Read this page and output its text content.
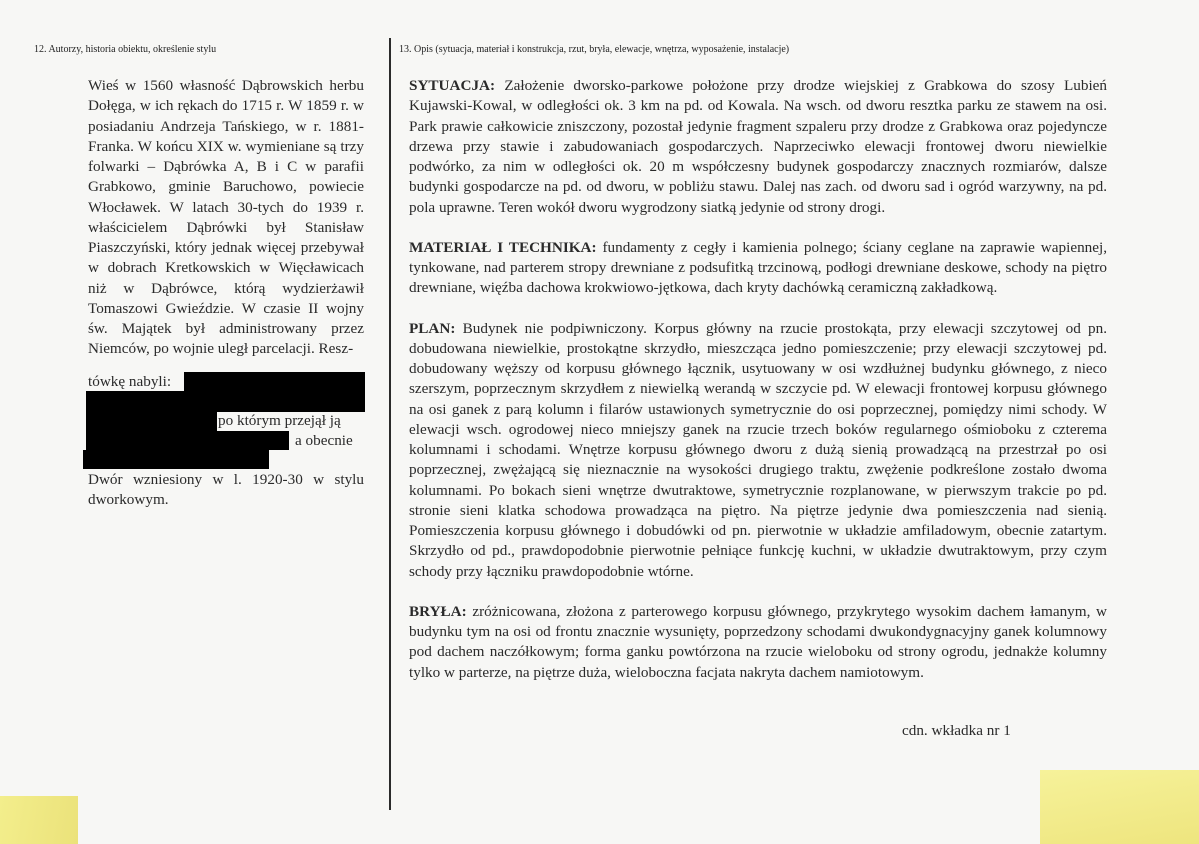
12. Autorzy, historia obiektu, określenie stylu	13. Opis (sytuacja, materiał i konstrukcja, rzut, bryła, elewacje, wnętrza, wyposażenie, instalacje)

Wieś w 1560 własność Dąbrowskich herbu Dołęga, w ich rękach do 1715 r. W 1859 r. w posiadaniu Andrzeja Tańskiego, w r. 1881- Franka. W końcu XIX w. wymieniane są trzy folwarki – Dąbrówka A, B i C w parafii Grabkowo, gminie Baruchowo, powiecie Włocławek. W latach 30-tych do 1939 r. właścicielem Dąbrówki był Stanisław Piaszczyński, który jednak więcej przebywał w dobrach Kretkowskich w Więcławicach niż w Dąbrówce, którą wydzierżawił Tomaszowi Gwieździe. W czasie II wojny św. Majątek był administrowany przez Niemców, po wojnie uległ parcelacji. Resz-

tówkę nabyli:
po którym przejął ją
a obecnie

Dwór wzniesiony w l. 1920-30 w stylu dworkowym.

SYTUACJA: Założenie dworsko-parkowe położone przy drodze wiejskiej z Grabkowa do szosy Lubień Kujawski-Kowal, w odległości ok. 3 km na pd. od Kowala. Na wsch. od dworu resztka parku ze stawem na osi. Park prawie całkowicie zniszczony, pozostał jedynie fragment szpaleru przy drodze z Grabkowa oraz pojedyncze drzewa przy stawie i zabudowaniach gospodarczych. Naprzeciwko elewacji frontowej dworu niewielkie podwórko, za nim w odległości ok. 20 m współczesny budynek gospodarczy znacznych rozmiarów, dalsze budynki gospodarcze na pd. od dworu, w pobliżu stawu. Dalej nas zach. od dworu sad i ogród warzywny, na pd. pola uprawne. Teren wokół dworu wygrodzony siatką jedynie od strony drogi.

MATERIAŁ I TECHNIKA: fundamenty z cegły i kamienia polnego; ściany ceglane na zaprawie wapiennej, tynkowane, nad parterem stropy drewniane z podsufitką trzcinową, podłogi drewniane deskowe, schody na piętro drewniane, więźba dachowa krokwiowo-jętkowa, dach kryty dachówką ceramiczną zakładkową.

PLAN: Budynek nie podpiwniczony. Korpus główny na rzucie prostokąta, przy elewacji szczytowej od pn. dobudowana niewielkie, prostokątne skrzydło, mieszcząca jedno pomieszczenie; przy elewacji szczytowej pd. dobudowany węższy od korpusu głównego łącznik, usytuowany w osi wzdłużnej budynku głównego, z nieco szerszym, poprzecznym skrzydłem z niewielką werandą w szczycie pd. W elewacji frontowej korpusu głównego na osi ganek z parą kolumn i filarów ustawionych symetrycznie do osi poprzecznej, pomiędzy nimi schody. W elewacji wsch. ogrodowej nieco mniejszy ganek na rzucie trzech boków regularnego ośmioboku z czterema kolumnami i schodami. Wnętrze korpusu głównego dworu z dużą sienią prowadzącą na przestrzał po osi poprzecznej, zwężającą się nieznacznie na wysokości drugiego traktu, zwężenie podkreślone zostało dwoma kolumnami. Po bokach sieni wnętrze dwutraktowe, symetrycznie rozplanowane, w pierwszym trakcie po pd. stronie sieni klatka schodowa prowadząca na piętro. Na piętrze jedynie dwa pomieszczenia nad sienią. Pomieszczenia korpusu głównego i dobudówki od pn. pierwotnie w układzie amfiladowym, obecnie zatartym. Skrzydło od pd., prawdopodobnie pierwotnie pełniące funkcję kuchni, w układzie dwutraktowym, przy czym schody przy łączniku prawdopodobnie wtórne.

BRYŁA: zróżnicowana, złożona z parterowego korpusu głównego, przykrytego wysokim dachem łamanym, w budynku tym na osi od frontu znacznie wysunięty, poprzedzony schodami dwukondygnacyjny ganek kolumnowy pod dachem naczółkowym; forma ganku powtórzona na rzucie wieloboku od strony ogrodu, jednakże kolumny tylko w parterze, na piętrze duża, wieloboczna facjata nakryta dachem namiotowym.

cdn. wkładka nr 1
